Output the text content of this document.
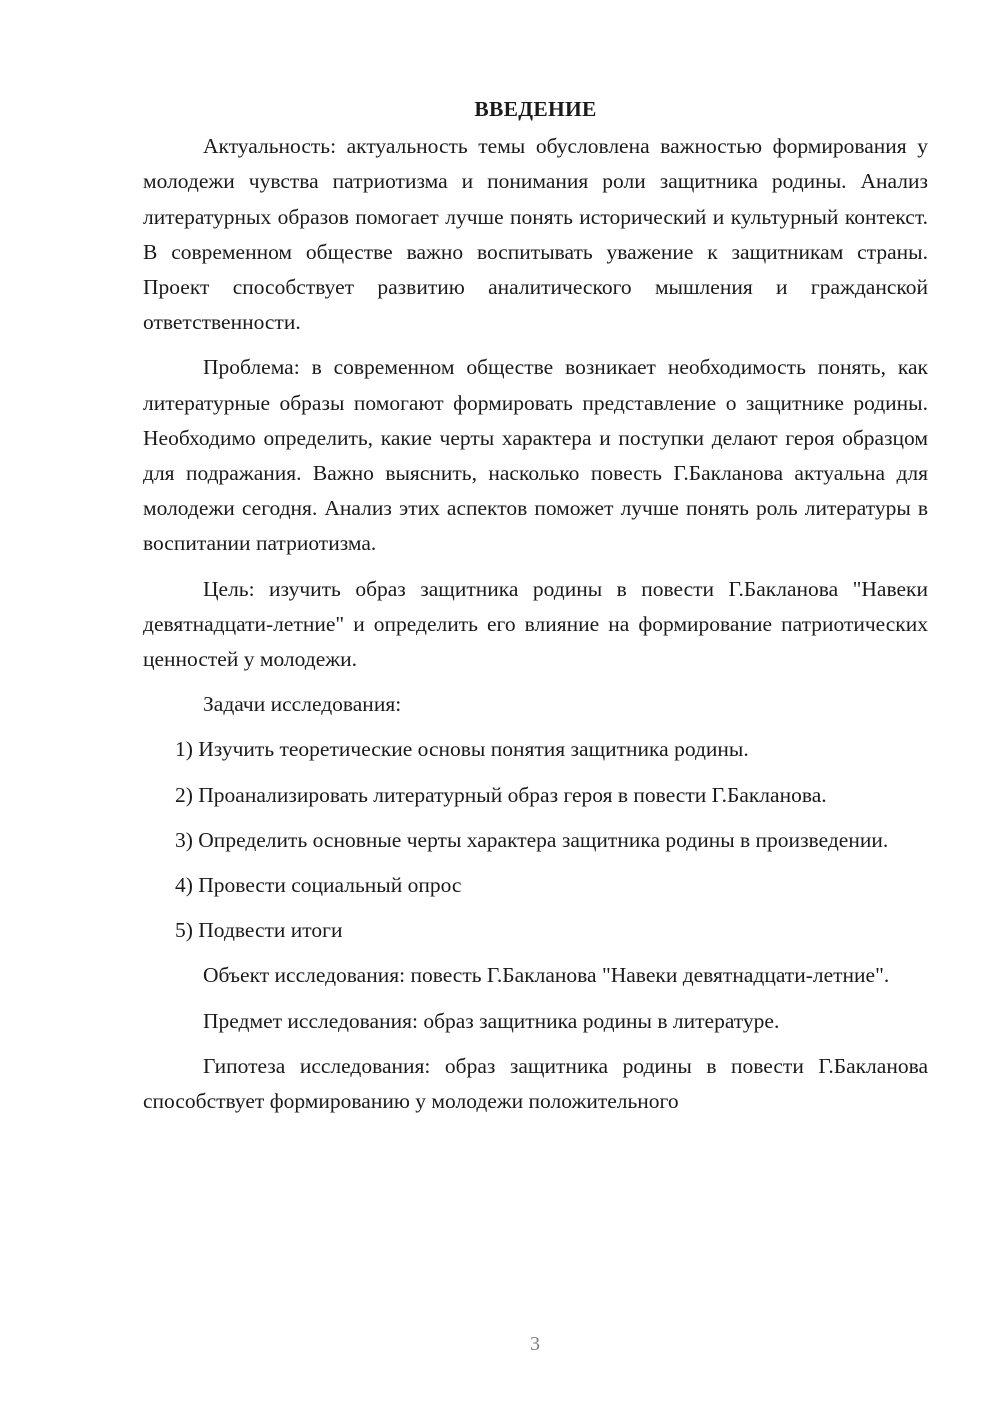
ВВЕДЕНИЕ

Актуальность: актуальность темы обусловлена важностью формирования у молодежи чувства патриотизма и понимания роли защитника родины. Анализ литературных образов помогает лучше понять исторический и культурный контекст. В современном обществе важно воспитывать уважение к защитникам страны. Проект способствует развитию аналитического мышления и гражданской ответственности.

Проблема: в современном обществе возникает необходимость понять, как литературные образы помогают формировать представление о защитнике родины. Необходимо определить, какие черты характера и поступки делают героя образцом для подражания. Важно выяснить, насколько повесть Г.Бакланова актуальна для молодежи сегодня. Анализ этих аспектов поможет лучше понять роль литературы в воспитании патриотизма.

Цель: изучить образ защитника родины в повести Г.Бакланова "Навеки девятнадцати-летние" и определить его влияние на формирование патриотических ценностей у молодежи.

Задачи исследования:

1) Изучить теоретические основы понятия защитника родины.

2) Проанализировать литературный образ героя в повести Г.Бакланова.

3) Определить основные черты характера защитника родины в произведении.

4) Провести социальный опрос

5) Подвести итоги

Объект исследования: повесть Г.Бакланова "Навеки девятнадцати-летние".

Предмет исследования: образ защитника родины в литературе.

Гипотеза исследования: образ защитника родины в повести Г.Бакланова способствует формированию у молодежи положительного

3
